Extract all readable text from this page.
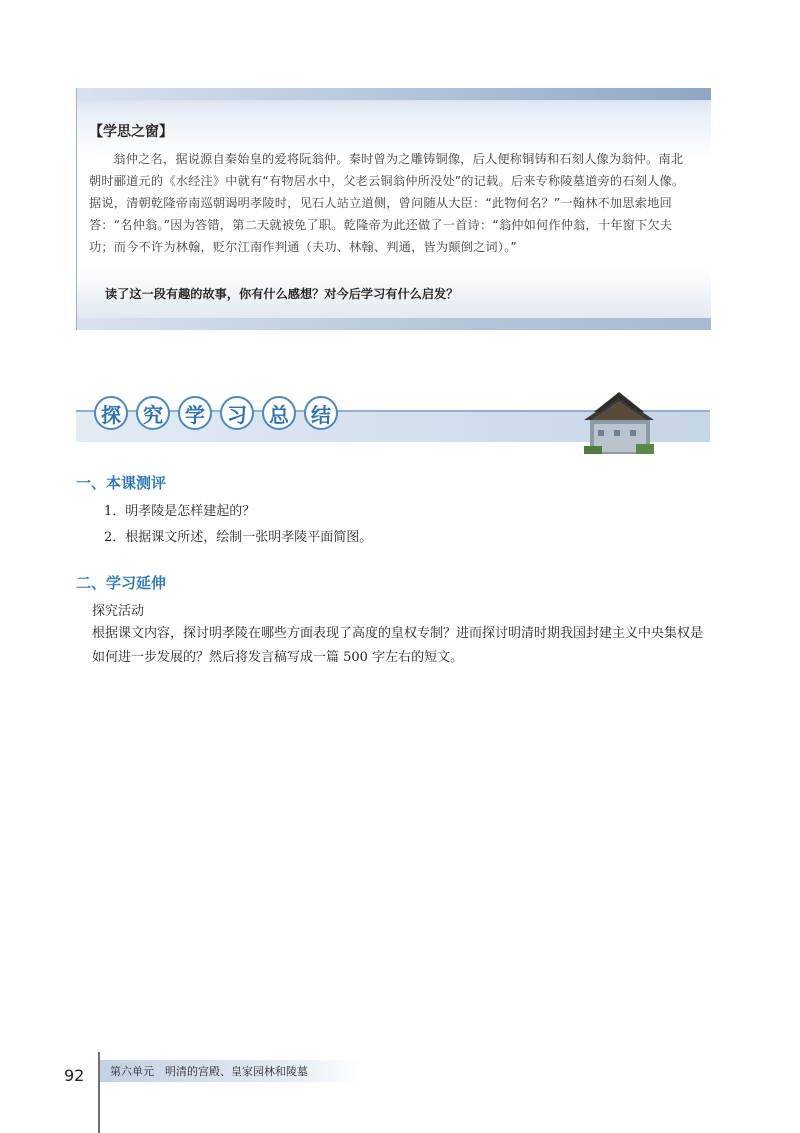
【学思之窗】

翁仲之名，据说源自秦始皇的爱将阮翁仲。秦时曾为之雕铸铜像，后人便称铜铸和石刻人像为翁仲。南北朝时郦道元的《水经注》中就有“有物居水中，父老云铜翁仲所没处”的记载。后来专称陵墓道旁的石刻人像。据说，清朝乾隆帝南巡朝谒明孝陵时，见石人站立道侧，曾问随从大臣：“此物何名？”一翰林不加思索地回答：“名仲翁。”因为答错，第二天就被免了职。乾隆帝为此还做了一首诗：“翁仲如何作仲翁，十年窗下欠夫功；而今不许为林翰，贬尔江南作判通（夫功、林翰、判通，皆为颠倒之词）。”

读了这一段有趣的故事，你有什么感想？对今后学习有什么启发？

探	究	学	习	总	结

一、本课测评

1．明孝陵是怎样建起的？

2．根据课文所述，绘制一张明孝陵平面简图。

二、学习延伸

探究活动

根据课文内容，探讨明孝陵在哪些方面表现了高度的皇权专制？进而探讨明清时期我国封建主义中央集权是如何进一步发展的？然后将发言稿写成一篇 500 字左右的短文。

92 第六单元　明清的宫殿、皇家园林和陵墓
